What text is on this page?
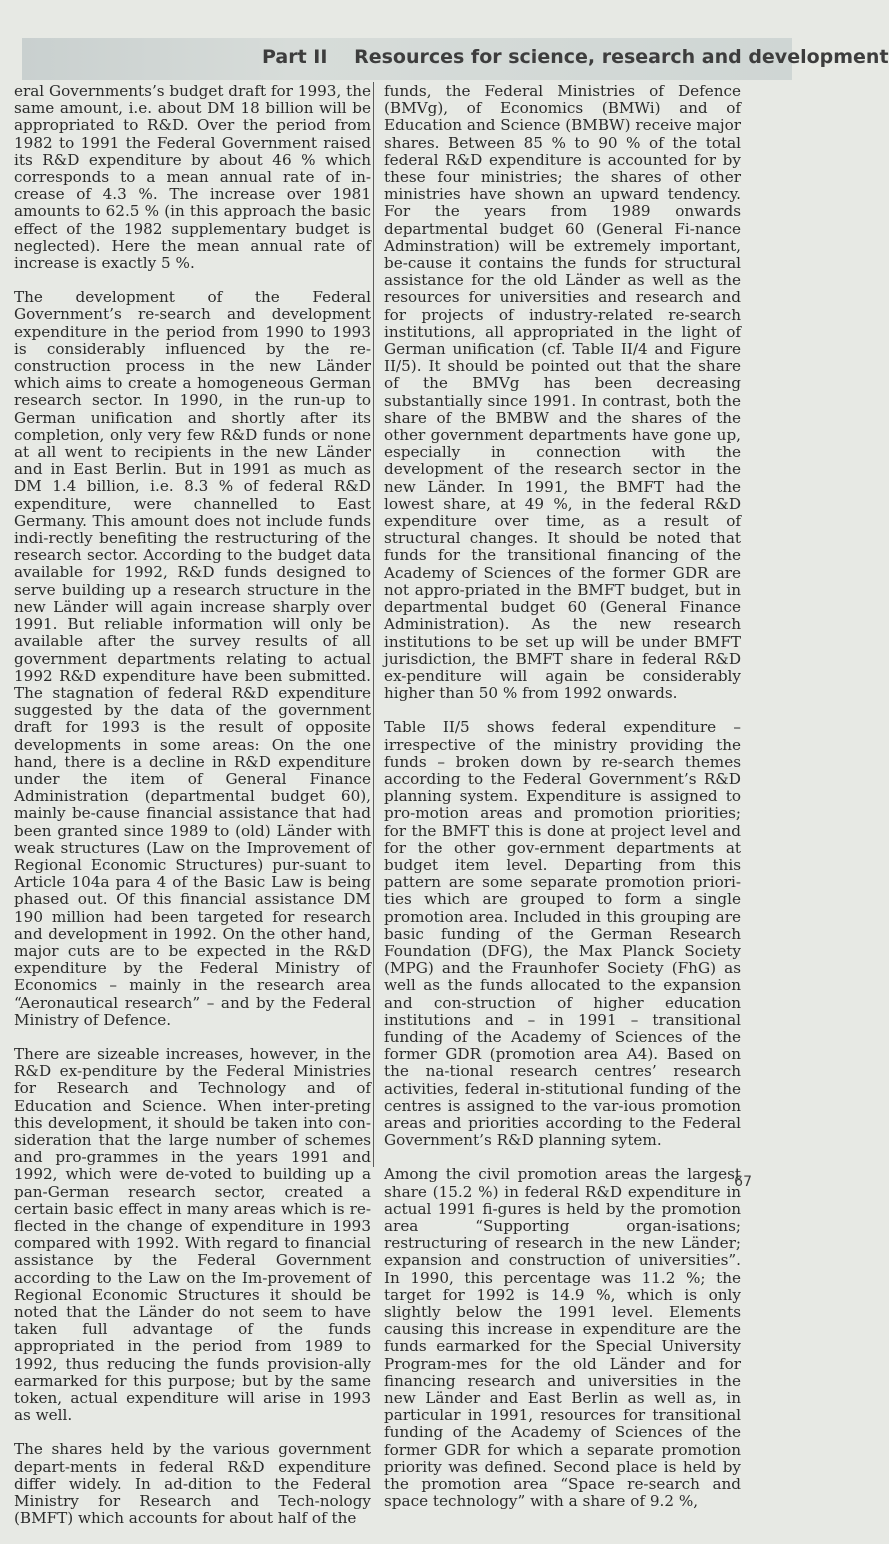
Part II Resources for science, research and development

eral Governments’s budget draft for 1993, the same amount, i.e. about DM 18 billion will be appropriated to R&D. Over the period from 1982 to 1991 the Federal Government raised its R&D expenditure by about 46 % which corresponds to a mean annual rate of in-crease of 4.3 %. The increase over 1981 amounts to 62.5 % (in this approach the basic effect of the 1982 supplementary budget is neglected). Here the mean annual rate of increase is exactly 5 %.

The development of the Federal Government’s re-search and development expenditure in the period from 1990 to 1993 is considerably influenced by the re-construction process in the new Länder which aims to create a homogeneous German research sector. In 1990, in the run-up to German unification and shortly after its completion, only very few R&D funds or none at all went to recipients in the new Länder and in East Berlin. But in 1991 as much as DM 1.4 billion, i.e. 8.3 % of federal R&D expenditure, were channelled to East Germany. This amount does not include funds indi-rectly benefiting the restructuring of the research sector. According to the budget data available for 1992, R&D funds designed to serve building up a research structure in the new Länder will again increase sharply over 1991. But reliable information will only be available after the survey results of all government departments relating to actual 1992 R&D expenditure have been submitted. The stagnation of federal R&D expenditure suggested by the data of the government draft for 1993 is the result of opposite developments in some areas: On the one hand, there is a decline in R&D expenditure under the item of General Finance Administration (departmental budget 60), mainly be-cause financial assistance that had been granted since 1989 to (old) Länder with weak structures (Law on the Improvement of Regional Economic Structures) pur-suant to Article 104a para 4 of the Basic Law is being phased out. Of this financial assistance DM 190 million had been targeted for research and development in 1992. On the other hand, major cuts are to be expected in the R&D expenditure by the Federal Ministry of Economics – mainly in the research area “Aeronautical research” – and by the Federal Ministry of Defence.

There are sizeable increases, however, in the R&D ex-penditure by the Federal Ministries for Research and Technology and of Education and Science. When inter-preting this development, it should be taken into con-sideration that the large number of schemes and pro-grammes in the years 1991 and 1992, which were de-voted to building up a pan-German research sector, created a certain basic effect in many areas which is re-flected in the change of expenditure in 1993 compared with 1992. With regard to financial assistance by the Federal Government according to the Law on the Im-provement of Regional Economic Structures it should be noted that the Länder do not seem to have taken full advantage of the funds appropriated in the period from 1989 to 1992, thus reducing the funds provision-ally earmarked for this purpose; but by the same token, actual expenditure will arise in 1993 as well.

The shares held by the various government depart-ments in federal R&D expenditure differ widely. In ad-dition to the Federal Ministry for Research and Tech-nology (BMFT) which accounts for about half of the

funds, the Federal Ministries of Defence (BMVg), of Economics (BMWi) and of Education and Science (BMBW) receive major shares. Between 85 % to 90 % of the total federal R&D expenditure is accounted for by these four ministries; the shares of other ministries have shown an upward tendency. For the years from 1989 onwards departmental budget 60 (General Fi-nance Adminstration) will be extremely important, be-cause it contains the funds for structural assistance for the old Länder as well as the resources for universities and research and for projects of industry-related re-search institutions, all appropriated in the light of German unification (cf. Table II/4 and Figure II/5). It should be pointed out that the share of the BMVg has been decreasing substantially since 1991. In contrast, both the share of the BMBW and the shares of the other government departments have gone up, especially in connection with the development of the research sector in the new Länder. In 1991, the BMFT had the lowest share, at 49 %, in the federal R&D expenditure over time, as a result of structural changes. It should be noted that funds for the transitional financing of the Academy of Sciences of the former GDR are not appro-priated in the BMFT budget, but in departmental budget 60 (General Finance Administration). As the new research institutions to be set up will be under BMFT jurisdiction, the BMFT share in federal R&D ex-penditure will again be considerably higher than 50 % from 1992 onwards.

Table II/5 shows federal expenditure – irrespective of the ministry providing the funds – broken down by re-search themes according to the Federal Government’s R&D planning system. Expenditure is assigned to pro-motion areas and promotion priorities; for the BMFT this is done at project level and for the other gov-ernment departments at budget item level. Departing from this pattern are some separate promotion priori-ties which are grouped to form a single promotion area. Included in this grouping are basic funding of the German Research Foundation (DFG), the Max Planck Society (MPG) and the Fraunhofer Society (FhG) as well as the funds allocated to the expansion and con-struction of higher education institutions and – in 1991 – transitional funding of the Academy of Sciences of the former GDR (promotion area A4). Based on the na-tional research centres’ research activities, federal in-stitutional funding of the centres is assigned to the var-ious promotion areas and priorities according to the Federal Government’s R&D planning sytem.

Among the civil promotion areas the largest share (15.2 %) in federal R&D expenditure in actual 1991 fi-gures is held by the promotion area “Supporting organ-isations; restructuring of research in the new Länder; expansion and construction of universities”. In 1990, this percentage was 11.2 %; the target for 1992 is 14.9 %, which is only slightly below the 1991 level. Elements causing this increase in expenditure are the funds earmarked for the Special University Program-mes for the old Länder and for financing research and universities in the new Länder and East Berlin as well as, in particular in 1991, resources for transitional funding of the Academy of Sciences of the former GDR for which a separate promotion priority was defined. Second place is held by the promotion area “Space re-search and space technology” with a share of 9.2 %,

67
